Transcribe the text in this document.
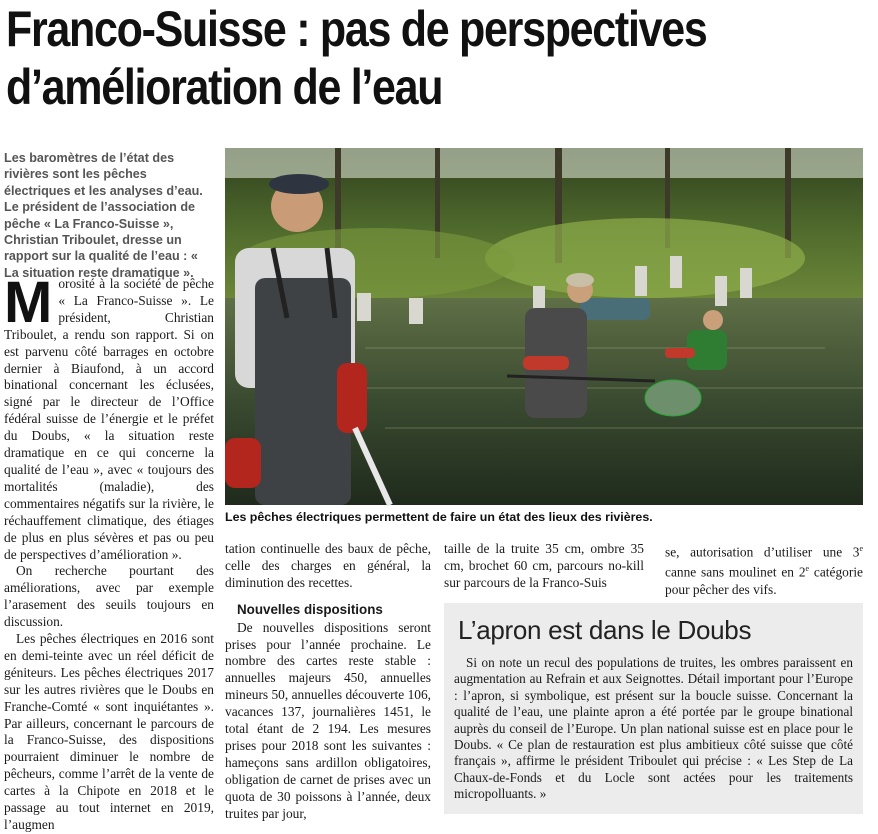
Franco-Suisse : pas de perspectives d’amélioration de l’eau
Les baromètres de l’état des rivières sont les pêches électriques et les analyses d’eau. Le président de l’association de pêche « La Franco-Suisse », Christian Triboulet, dresse un rapport sur la qualité de l’eau : « La situation reste dramatique ».
Les pêches électriques permettent de faire un état des lieux des rivières.

Morosité à la société de pêche « La Franco-Suisse ». Le président, Christian Triboulet, a rendu son rapport. Si on est parvenu côté barrages en octobre dernier à Biaufond, à un accord binational concernant les éclusées, signé par le directeur de l’Office fédéral suisse de l’énergie et le préfet du Doubs, « la situation reste dramatique en ce qui concerne la qualité de l’eau », avec « toujours des mortalités (maladie), des commentaires négatifs sur la rivière, le réchauffement climatique, des étiages de plus en plus sévères et pas ou peu de perspectives d’amélioration ».

On recherche pourtant des améliorations, avec par exemple l’arasement des seuils toujours en discussion.

Les pêches électriques en 2016 sont en demi-teinte avec un réel déficit de géniteurs. Les pêches électriques 2017 sur les autres rivières que le Doubs en Franche-Comté « sont inquiétantes ». Par ailleurs, concernant le parcours de la Franco-Suisse, des dispositions pourraient diminuer le nombre de pêcheurs, comme l’arrêt de la vente de cartes à la Chipote en 2018 et le passage au tout internet en 2019, l’augmen

tation continuelle des baux de pêche, celle des charges en général, la diminution des recettes.

Nouvelles dispositions

De nouvelles dispositions seront prises pour l’année prochaine. Le nombre des cartes reste stable : annuelles majeurs 450, annuelles mineurs 50, annuelles découverte 106, vacances 137, journalières 1451, le total étant de 2 194. Les mesures prises pour 2018 sont les suivantes : hameçons sans ardillon obligatoires, obligation de carnet de prises avec un quota de 30 poissons à l’année, deux truites par jour,

taille de la truite 35 cm, ombre 35 cm, brochet 60 cm, parcours no-kill sur parcours de la Franco-Suis

se, autorisation d’utiliser une 3e canne sans moulinet en 2e catégorie pour pêcher des vifs.

L’apron est dans le Doubs

Si on note un recul des populations de truites, les ombres paraissent en augmentation au Refrain et aux Seignottes. Détail important pour l’Europe : l’apron, si symbolique, est présent sur la boucle suisse. Concernant la qualité de l’eau, une plainte apron a été portée par le groupe binational auprès du conseil de l’Europe. Un plan national suisse est en place pour le Doubs. « Ce plan de restauration est plus ambitieux côté suisse que côté français », affirme le président Triboulet qui précise : « Les Step de La Chaux-de-Fonds et du Locle sont actées pour les traitements micropolluants. »
